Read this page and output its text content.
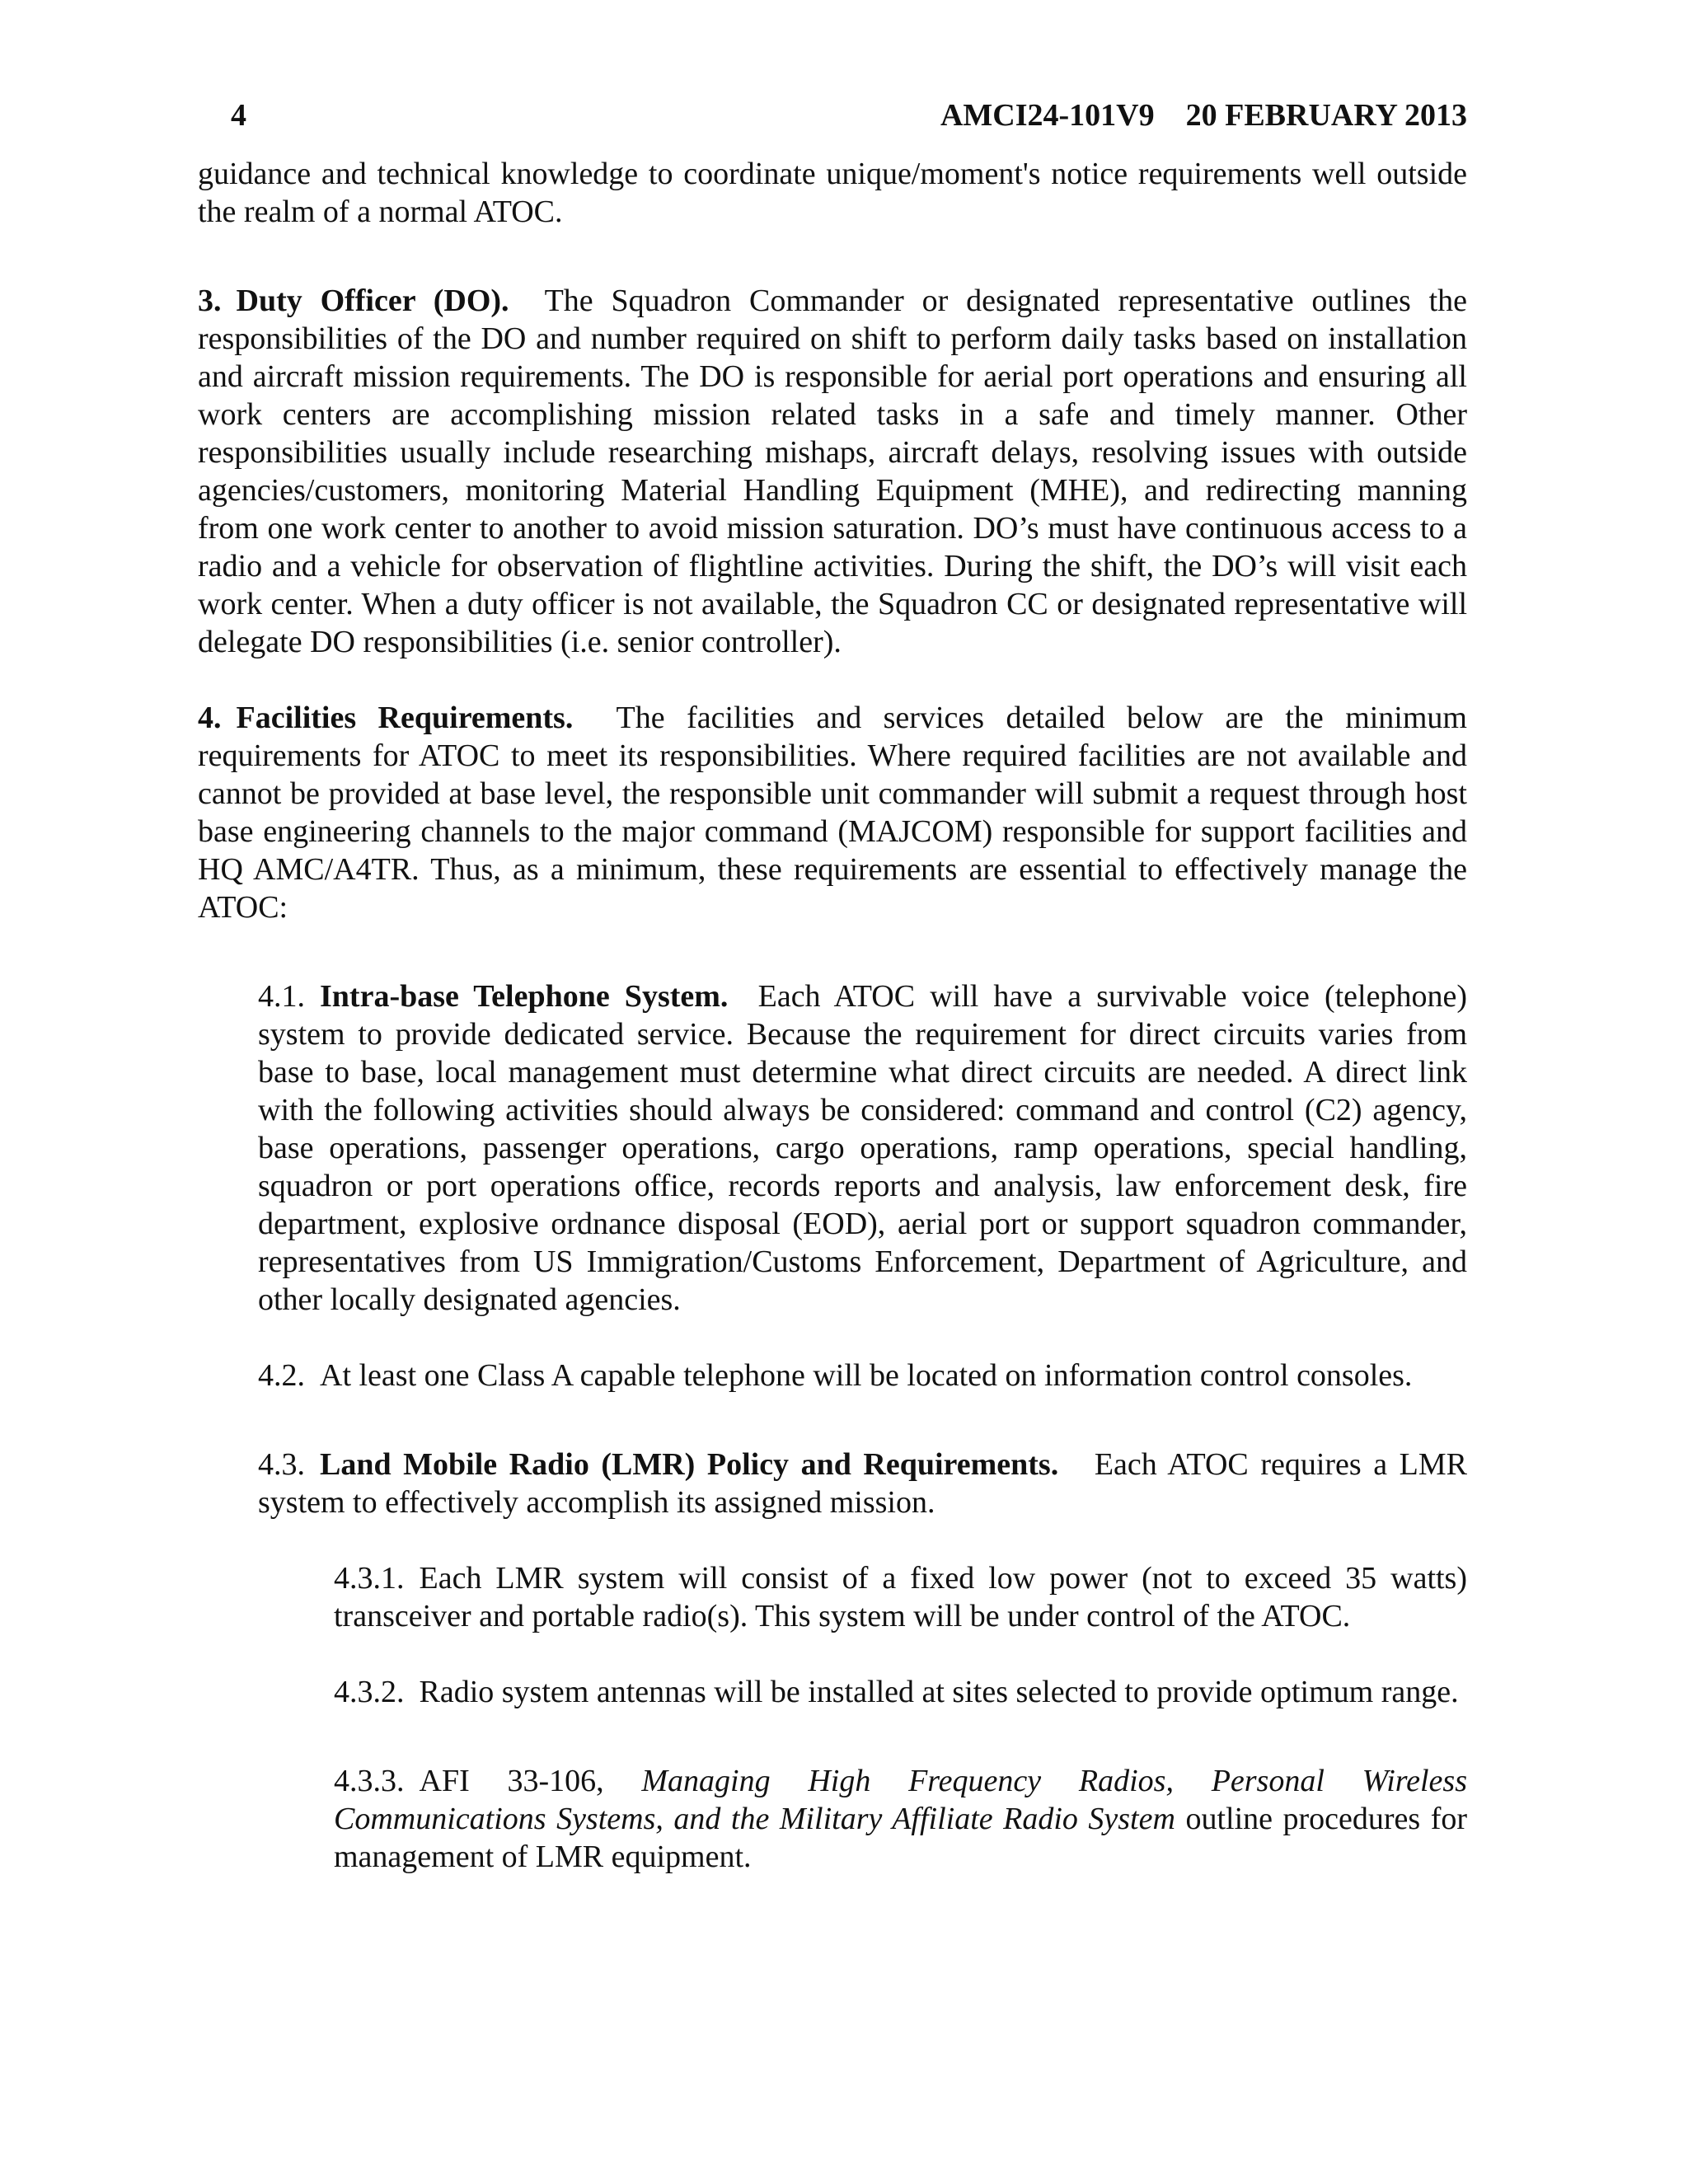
4	AMCI24-101V9    20 FEBRUARY 2013

guidance and technical knowledge to coordinate unique/moment's notice requirements well outside the realm of a normal ATOC.

3. Duty Officer (DO). The Squadron Commander or designated representative outlines the responsibilities of the DO and number required on shift to perform daily tasks based on installation and aircraft mission requirements. The DO is responsible for aerial port operations and ensuring all work centers are accomplishing mission related tasks in a safe and timely manner. Other responsibilities usually include researching mishaps, aircraft delays, resolving issues with outside agencies/customers, monitoring Material Handling Equipment (MHE), and redirecting manning from one work center to another to avoid mission saturation. DO’s must have continuous access to a radio and a vehicle for observation of flightline activities. During the shift, the DO’s will visit each work center. When a duty officer is not available, the Squadron CC or designated representative will delegate DO responsibilities (i.e. senior controller).

4. Facilities Requirements. The facilities and services detailed below are the minimum requirements for ATOC to meet its responsibilities. Where required facilities are not available and cannot be provided at base level, the responsible unit commander will submit a request through host base engineering channels to the major command (MAJCOM) responsible for support facilities and HQ AMC/A4TR. Thus, as a minimum, these requirements are essential to effectively manage the ATOC:

4.1. Intra-base Telephone System. Each ATOC will have a survivable voice (telephone) system to provide dedicated service. Because the requirement for direct circuits varies from base to base, local management must determine what direct circuits are needed. A direct link with the following activities should always be considered: command and control (C2) agency, base operations, passenger operations, cargo operations, ramp operations, special handling, squadron or port operations office, records reports and analysis, law enforcement desk, fire department, explosive ordnance disposal (EOD), aerial port or support squadron commander, representatives from US Immigration/Customs Enforcement, Department of Agriculture, and other locally designated agencies.

4.2. At least one Class A capable telephone will be located on information control consoles.

4.3. Land Mobile Radio (LMR) Policy and Requirements. Each ATOC requires a LMR system to effectively accomplish its assigned mission.

4.3.1. Each LMR system will consist of a fixed low power (not to exceed 35 watts) transceiver and portable radio(s). This system will be under control of the ATOC.

4.3.2. Radio system antennas will be installed at sites selected to provide optimum range.

4.3.3. AFI 33-106, Managing High Frequency Radios, Personal Wireless Communications Systems, and the Military Affiliate Radio System outline procedures for management of LMR equipment.
